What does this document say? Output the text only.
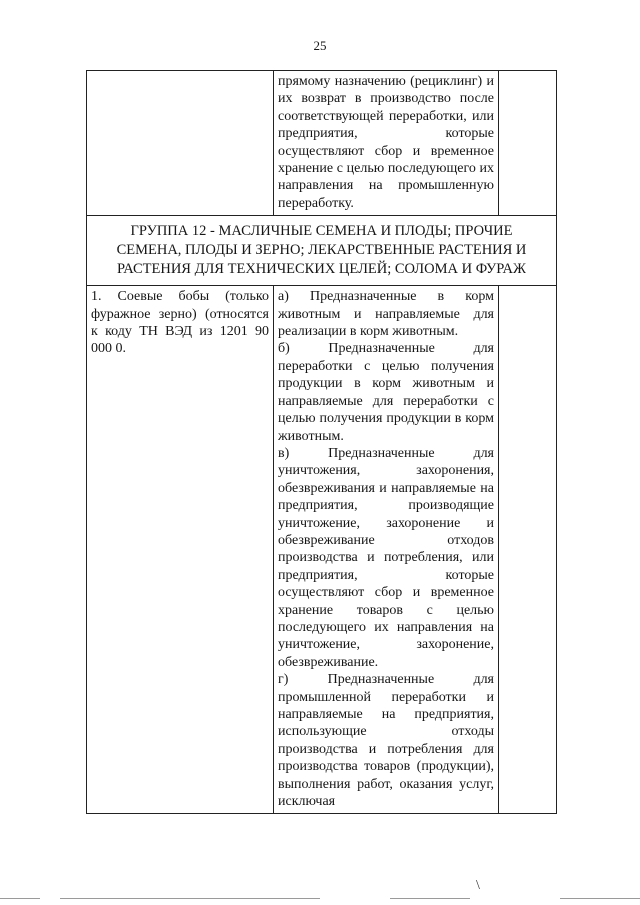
25
	прямому назначению (рециклинг) и их возврат в производство после соответствующей переработки, или предприятия, которые осуществляют сбор и временное хранение с целью последующего их направления на промышленную переработку.	
ГРУППА 12 - МАСЛИЧНЫЕ СЕМЕНА И ПЛОДЫ; ПРОЧИЕ СЕМЕНА, ПЛОДЫ И ЗЕРНО; ЛЕКАРСТВЕННЫЕ РАСТЕНИЯ И РАСТЕНИЯ ДЛЯ ТЕХНИЧЕСКИХ ЦЕЛЕЙ; СОЛОМА И ФУРАЖ		
1. Соевые бобы (только фуражное зерно) (относятся к коду ТН ВЭД из 1201 90 000 0.	а) Предназначенные в корм животным и направляемые для реализации в корм животным.
б) Предназначенные для переработки с целью получения продукции в корм животным и направляемые для переработки с целью получения продукции в корм животным.
в) Предназначенные для уничтожения, захоронения, обезвреживания и направляемые на предприятия, производящие уничтожение, захоронение и обезвреживание отходов производства и потребления, или предприятия, которые осуществляют сбор и временное хранение товаров с целью последующего их направления на уничтожение, захоронение, обезвреживание.
г) Предназначенные для промышленной переработки и направляемые на предприятия, использующие отходы производства и потребления для производства товаров (продукции), выполнения работ, оказания услуг, исключая	

\
